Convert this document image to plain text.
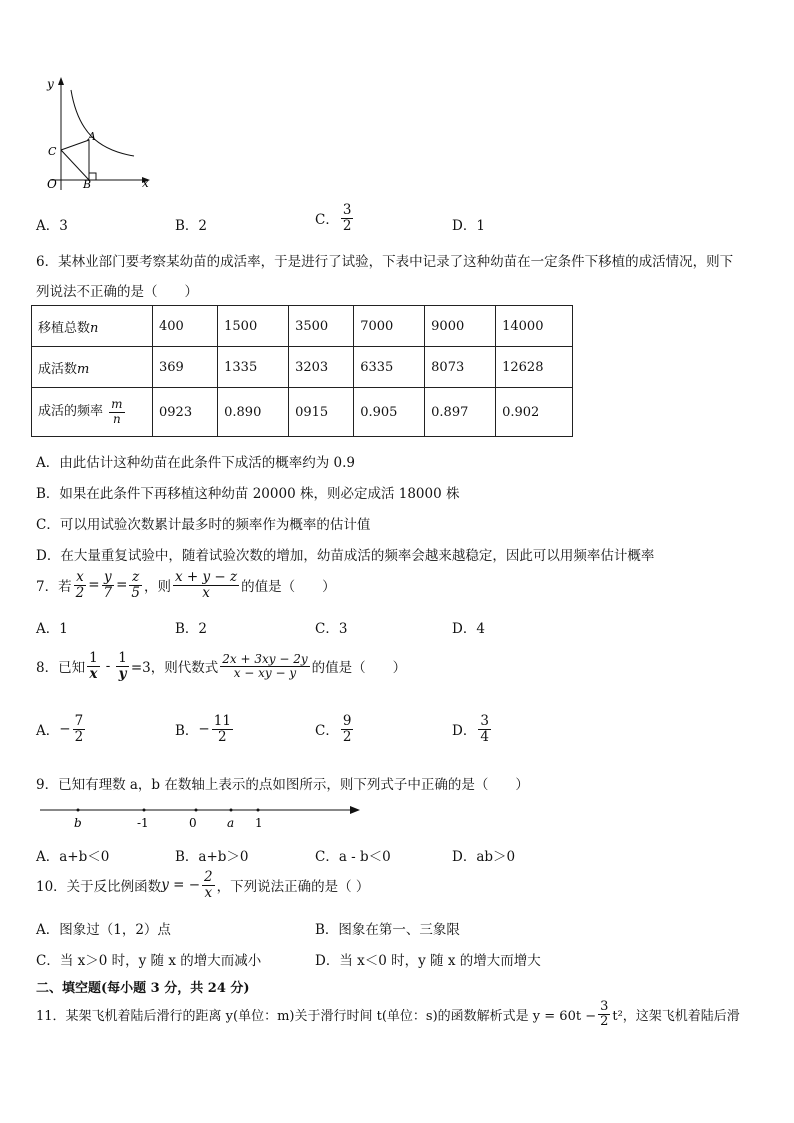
y
x
O
A
B
C
A．3	B．2	C． $\frac{3}{2}$	D．1
6．某林业部门要考察某幼苗的成活率，于是进行了试验，下表中记录了这种幼苗在一定条件下移植的成活情况，则下
列说法不正确的是（　　）
移植总数n	400	1500	3500	7000	9000	14000
成活数m	369	1335	3203	6335	8073	12628
成活的频率 $\frac{m}{n}$	0923	0.890	0915	0.905	0.897	0.902
A．由此估计这种幼苗在此条件下成活的概率约为 0.9
B．如果在此条件下再移植这种幼苗 20000 株，则必定成活 18000 株
C．可以用试验次数累计最多时的频率作为概率的估计值
D．在大量重复试验中，随着试验次数的增加，幼苗成活的频率会越来越稳定，因此可以用频率估计概率
7．若 $\frac{x}{2} = \frac{y}{7} = \frac{z}{5}$ ，则 $\frac{x + y - z}{x}$ 的值是（　　）
A．1	B．2	C．3	D．4
8．已知 $\frac{1}{x} - \frac{1}{y} =3$，则代数式 $\frac{2x + 3xy - 2y}{x - xy - y}$ 的值是（　　）
A． − $\frac{7}{2}$	B． − $\frac{11}{2}$	C． $\frac{9}{2}$	D． $\frac{3}{4}$
9．已知有理数 a，b 在数轴上表示的点如图所示，则下列式子中正确的是（　　）
b	-1	0	a 1
A．a+b＜0	B．a+b＞0	C．a - b＜0	D．ab＞0
10．关于反比例函数 y = − $\frac{2}{x}$ ，下列说法正确的是（ ）
A．图象过（1，2）点	B．图象在第一、三象限
C．当 x＞0 时，y 随 x 的增大而减小	D．当 x＜0 时，y 随 x 的增大而增大
二、填空题(每小题 3 分，共 24 分)
11．某架飞机着陆后滑行的距离 y(单位：m)关于滑行时间 t(单位：s)的函数解析式是 $y = 60t - \frac{3}{2} t^2$，这架飞机着陆后滑
